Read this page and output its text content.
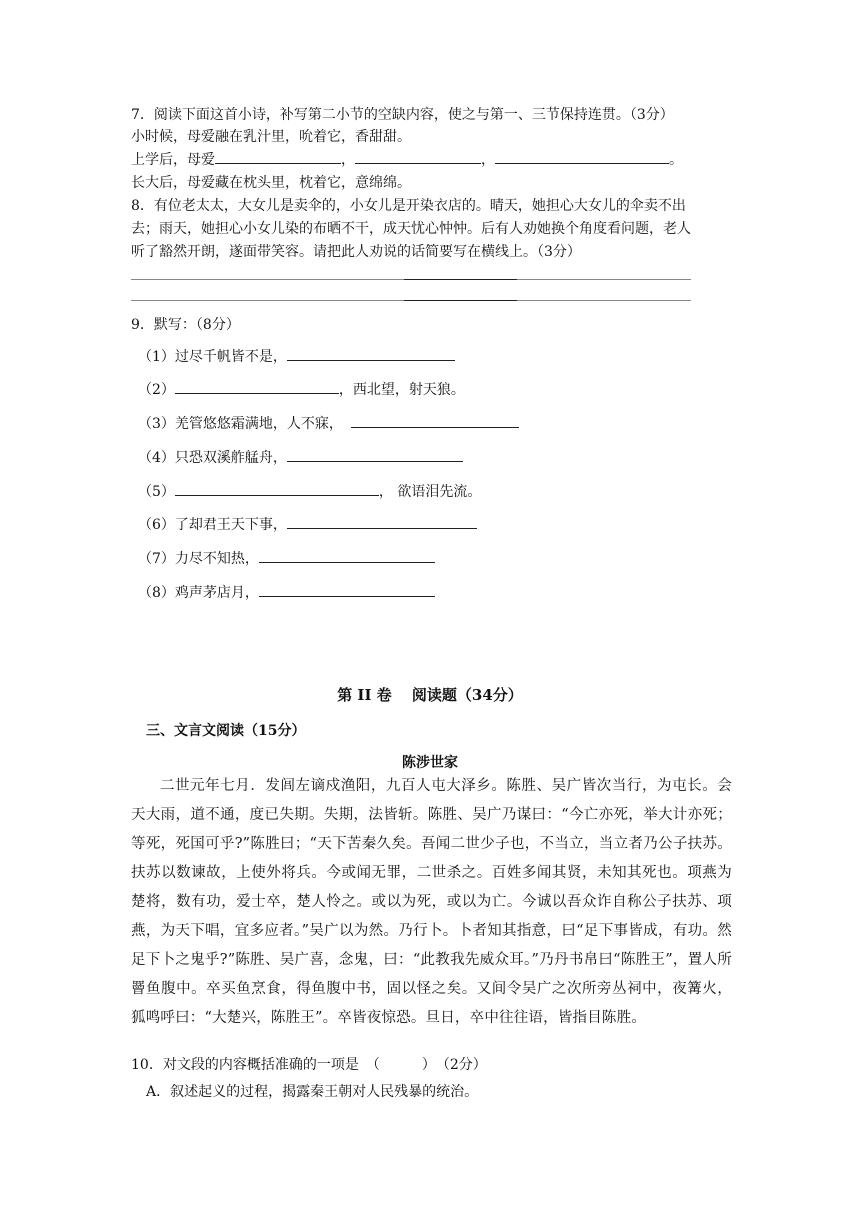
7．阅读下面这首小诗，补写第二小节的空缺内容，使之与第一、三节保持连贯。（3分）
小时候，母爱融在乳汁里，吮着它，香甜甜。
上学后，母爱	，	，	。
长大后，母爱藏在枕头里，枕着它，意绵绵。
8．有位老太太，大女儿是卖伞的，小女儿是开染衣店的。晴天，她担心大女儿的伞卖不出
去；雨天，她担心小女儿染的布晒不干，成天忧心忡忡。后有人劝她换个角度看问题，老人
听了豁然开朗，遂面带笑容。请把此人劝说的话简要写在横线上。（3分）
9．默写：（8分）
（1）过尽千帆皆不是，
（2）	，西北望，射天狼。
（3）羌管悠悠霜满地，人不寐，
（4）只恐双溪舴艋舟，
（5）	， 欲语泪先流。
（6）了却君王天下事，
（7）力尽不知热，
（8）鸡声茅店月，
第 II 卷　 阅读题（34分）
三、文言文阅读（15分）
陈涉世家
二世元年七月．发闾左谪戍渔阳，九百人屯大泽乡。陈胜、吴广皆次当行，为屯长。会天大雨，道不通，度已失期。失期，法皆斩。陈胜、吴广乃谋曰：“今亡亦死，举大计亦死；等死，死国可乎?”陈胜曰；“天下苦秦久矣。吾闻二世少子也，不当立，当立者乃公子扶苏。扶苏以数谏故，上使外将兵。今或闻无罪，二世杀之。百姓多闻其贤，未知其死也。项燕为楚将，数有功，爱士卒，楚人怜之。或以为死，或以为亡。今诚以吾众诈自称公子扶苏、项燕，为天下唱，宜多应者。”吴广以为然。乃行卜。卜者知其指意，曰“足下事皆成，有功。然足下卜之鬼乎?”陈胜、吴广喜，念鬼，曰：“此教我先威众耳。”乃丹书帛曰“陈胜王”，置人所罾鱼腹中。卒买鱼烹食，得鱼腹中书，固以怪之矣。又间令吴广之次所旁丛祠中，夜篝火，狐鸣呼曰：“大楚兴，陈胜王”。卒皆夜惊恐。旦日，卒中往往语，皆指目陈胜。
10．对文段的内容概括准确的一项是　（　　　）　（2分）
A．叙述起义的过程，揭露秦王朝对人民残暴的统治。
